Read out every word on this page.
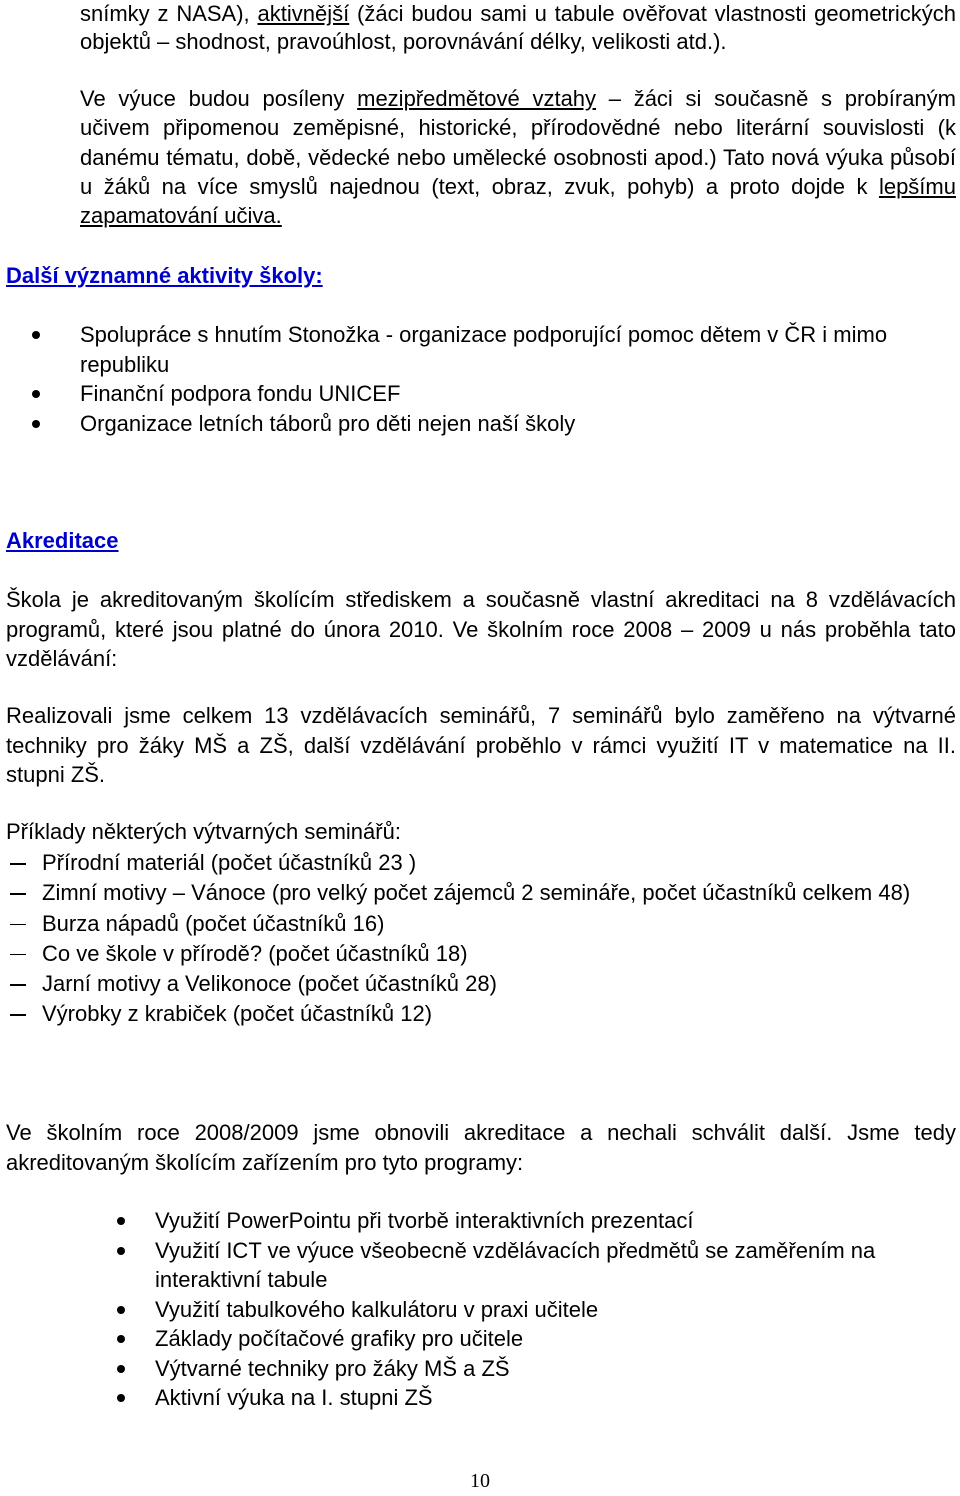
snímky z NASA), aktivnější (žáci budou sami u tabule ověřovat vlastnosti geometrických objektů – shodnost, pravoúhlost, porovnávání délky, velikosti atd.).

Ve výuce budou posíleny mezipředmětové vztahy – žáci si současně s probíraným učivem připomenou zeměpisné, historické, přírodovědné nebo literární souvislosti (k danému tématu, době, vědecké nebo umělecké osobnosti apod.) Tato nová výuka působí u žáků na více smyslů najednou (text, obraz, zvuk, pohyb) a proto dojde k lepšímu zapamatování učiva.

Další významné aktivity školy:
Spolupráce s hnutím Stonožka - organizace podporující pomoc dětem v ČR i mimo republiku
Finanční podpora fondu UNICEF
Organizace letních táborů pro děti nejen naší školy
Akreditace

Škola je akreditovaným školícím střediskem a současně vlastní akreditaci na 8 vzdělávacích programů, které jsou platné do února 2010. Ve školním roce 2008 – 2009 u nás proběhla tato vzdělávání:

Realizovali jsme celkem 13 vzdělávacích seminářů, 7 seminářů bylo zaměřeno na výtvarné techniky pro žáky MŠ a ZŠ, další vzdělávání proběhlo v rámci využití IT v matematice na II. stupni ZŠ.

Příklady některých výtvarných seminářů:

Přírodní materiál (počet účastníků 23 )
Zimní motivy – Vánoce (pro velký počet zájemců 2 semináře, počet účastníků celkem 48)
Burza nápadů (počet účastníků 16)
Co ve škole v přírodě? (počet účastníků 18)
Jarní motivy a Velikonoce (počet účastníků 28)
Výrobky z krabiček (počet účastníků 12)

Ve školním roce 2008/2009 jsme obnovili akreditace a nechali schválit další. Jsme tedy akreditovaným školícím zařízením pro tyto programy:

Využití PowerPointu při tvorbě interaktivních prezentací
Využití ICT ve výuce všeobecně vzdělávacích předmětů se zaměřením na interaktivní tabule
Využití tabulkového kalkulátoru v praxi učitele
Základy počítačové grafiky pro učitele
Výtvarné techniky pro žáky MŠ a ZŠ
Aktivní výuka na I. stupni ZŠ
10
